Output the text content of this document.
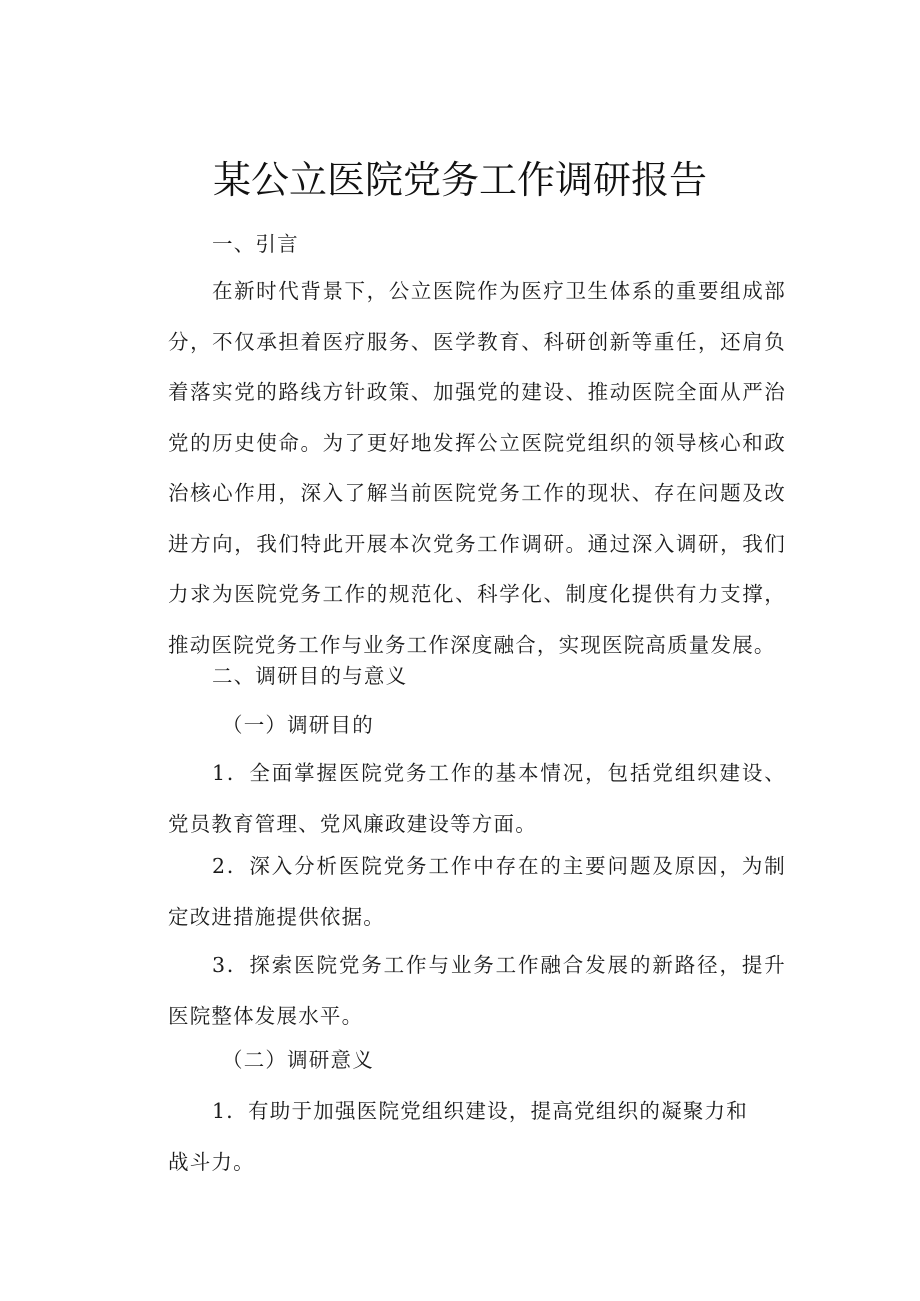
某公立医院党务工作调研报告
一、引言
在新时代背景下，公立医院作为医疗卫生体系的重要组成部分，不仅承担着医疗服务、医学教育、科研创新等重任，还肩负着落实党的路线方针政策、加强党的建设、推动医院全面从严治党的历史使命。为了更好地发挥公立医院党组织的领导核心和政治核心作用，深入了解当前医院党务工作的现状、存在问题及改进方向，我们特此开展本次党务工作调研。通过深入调研，我们力求为医院党务工作的规范化、科学化、制度化提供有力支撑，推动医院党务工作与业务工作深度融合，实现医院高质量发展。
二、调研目的与意义
（一）调研目的
1．全面掌握医院党务工作的基本情况，包括党组织建设、党员教育管理、党风廉政建设等方面。
2．深入分析医院党务工作中存在的主要问题及原因，为制定改进措施提供依据。
3．探索医院党务工作与业务工作融合发展的新路径，提升医院整体发展水平。
（二）调研意义
1．有助于加强医院党组织建设，提高党组织的凝聚力和战斗力。
